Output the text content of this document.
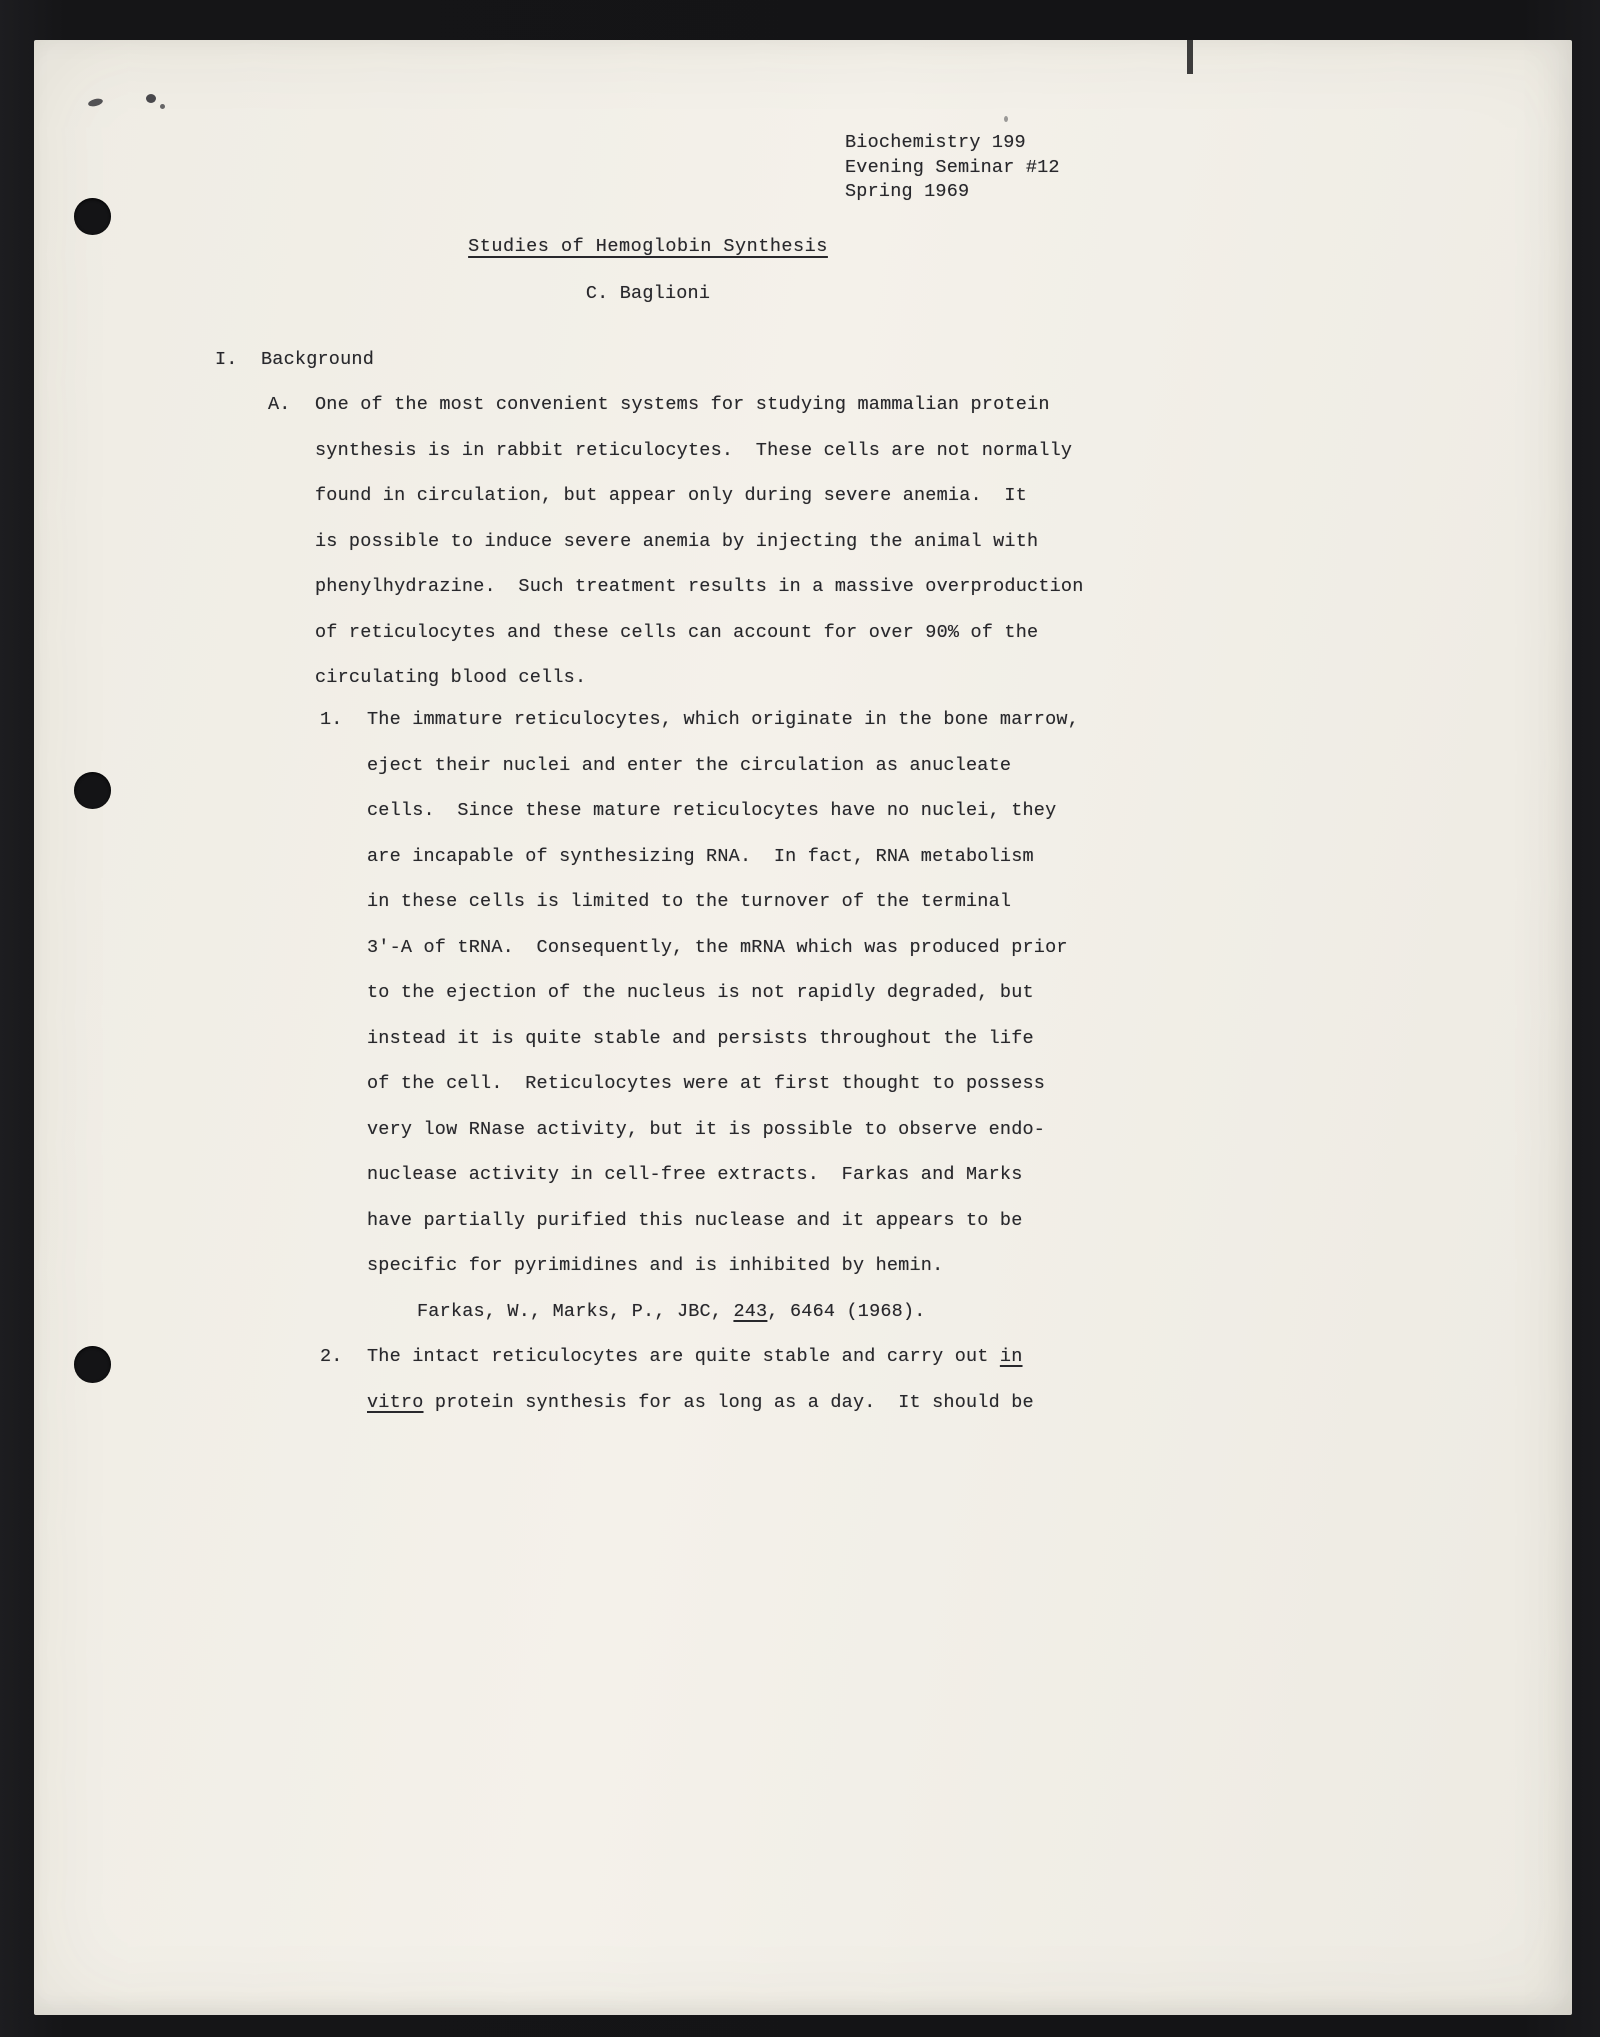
Biochemistry 199
Evening Seminar #12
Spring 1969
Studies of Hemoglobin Synthesis
C. Baglioni
I. Background
A. One of the most convenient systems for studying mammalian protein
synthesis is in rabbit reticulocytes.  These cells are not normally
found in circulation, but appear only during severe anemia.  It
is possible to induce severe anemia by injecting the animal with
phenylhydrazine.  Such treatment results in a massive overproduction
of reticulocytes and these cells can account for over 90% of the
circulating blood cells.
1. The immature reticulocytes, which originate in the bone marrow,
eject their nuclei and enter the circulation as anucleate
cells.  Since these mature reticulocytes have no nuclei, they
are incapable of synthesizing RNA.  In fact, RNA metabolism
in these cells is limited to the turnover of the terminal
3'-A of tRNA.  Consequently, the mRNA which was produced prior
to the ejection of the nucleus is not rapidly degraded, but
instead it is quite stable and persists throughout the life
of the cell.  Reticulocytes were at first thought to possess
very low RNase activity, but it is possible to observe endo-
nuclease activity in cell-free extracts.  Farkas and Marks
have partially purified this nuclease and it appears to be
specific for pyrimidines and is inhibited by hemin.
Farkas, W., Marks, P., JBC, 243, 6464 (1968).
2. The intact reticulocytes are quite stable and carry out in
vitro protein synthesis for as long as a day.  It should be
